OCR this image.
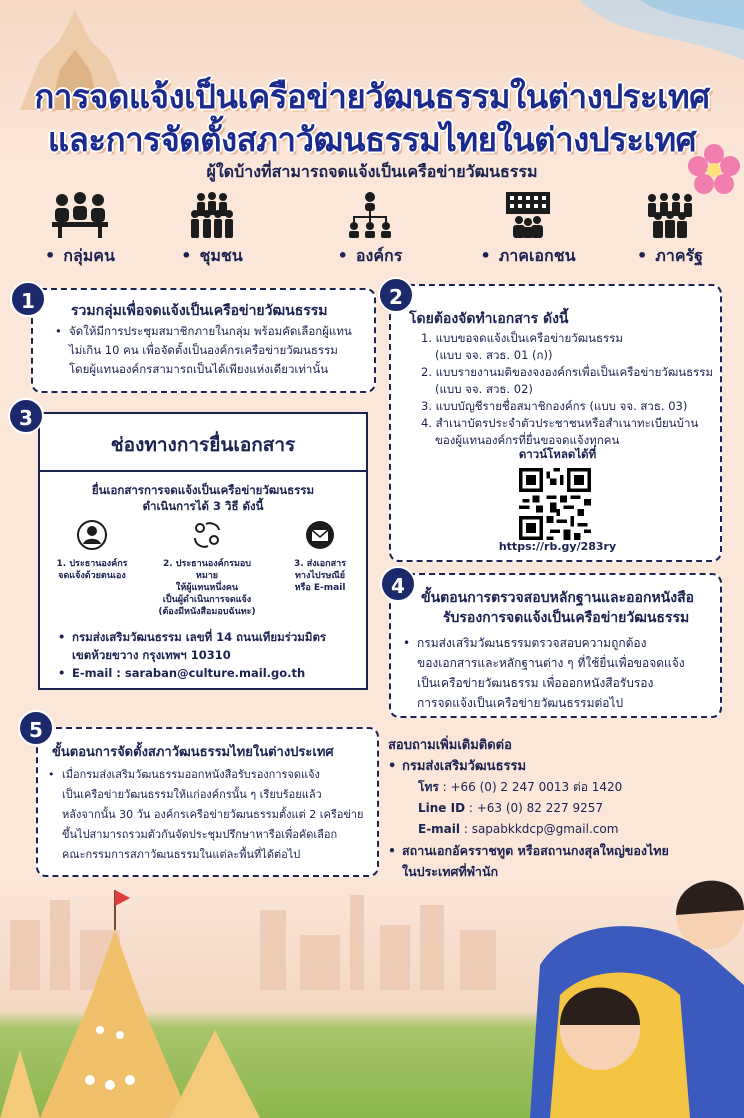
การจดแจ้งเป็นเครือข่ายวัฒนธรรมในต่างประเทศ
และการจัดตั้งสภาวัฒนธรรมไทยในต่างประเทศ
ผู้ใดบ้างที่สามารถจดแจ้งเป็นเครือข่ายวัฒนธรรม
• กลุ่มคน	• ชุมชน	• องค์กร	• ภาคเอกชน	• ภาครัฐ
รวมกลุ่มเพื่อจดแจ้งเป็นเครือข่ายวัฒนธรรม
• จัดให้มีการประชุมสมาชิกภายในกลุ่ม พร้อมคัดเลือกผู้แทน
ไม่เกิน 10 คน เพื่อจัดตั้งเป็นองค์กรเครือข่ายวัฒนธรรม
โดยผู้แทนองค์กรสามารถเป็นได้เพียงแห่งเดียวเท่านั้น
1
โดยต้องจัดทำเอกสาร ดังนี้
1. แบบขอจดแจ้งเป็นเครือข่ายวัฒนธรรม
(แบบ จจ. สวธ. 01 (ก))
2. แบบรายงานมติของจงองค์กรเพื่อเป็นเครือข่ายวัฒนธรรม
(แบบ จจ. สวธ. 02)
3. แบบบัญชีรายชื่อสมาชิกองค์กร (แบบ จจ. สวธ. 03)
4. สำเนาบัตรประจำตัวประชาชนหรือสำเนาทะเบียนบ้าน
ของผู้แทนองค์กรที่ยื่นขอจดแจ้งทุกคน
ดาวน์โหลดได้ที่
https://rb.gy/283ry
2
ช่องทางการยื่นเอกสาร
ยื่นเอกสารการจดแจ้งเป็นเครือข่ายวัฒนธรรม
ดำเนินการได้ 3 วิธี ดังนี้
1. ประธานองค์กร
จดแจ้งด้วยตนเอง
2. ประธานองค์กรมอบหมาย
ให้ผู้แทนหนึ่งคน
เป็นผู้ดำเนินการจดแจ้ง
(ต้องมีหนังสือมอบฉันทะ)
3. ส่งเอกสาร
ทางไปรษณีย์
หรือ E-mail
• กรมส่งเสริมวัฒนธรรม เลขที่ 14 ถนนเทียมร่วมมิตร
เขตห้วยขวาง กรุงเทพฯ 10310
• E-mail : saraban@culture.mail.go.th
3
ขั้นตอนการตรวจสอบหลักฐานและออกหนังสือ
รับรองการจดแจ้งเป็นเครือข่ายวัฒนธรรม
• กรมส่งเสริมวัฒนธรรมตรวจสอบความถูกต้อง
ของเอกสารและหลักฐานต่าง ๆ ที่ใช้ยื่นเพื่อขอจดแจ้ง
เป็นเครือข่ายวัฒนธรรม เพื่อออกหนังสือรับรอง
การจดแจ้งเป็นเครือข่ายวัฒนธรรมต่อไป
4
ขั้นตอนการจัดตั้งสภาวัฒนธรรมไทยในต่างประเทศ
• เมื่อกรมส่งเสริมวัฒนธรรมออกหนังสือรับรองการจดแจ้ง
เป็นเครือข่ายวัฒนธรรมให้แก่องค์กรนั้น ๆ เรียบร้อยแล้ว
หลังจากนั้น 30 วัน องค์กรเครือข่ายวัฒนธรรมตั้งแต่ 2 เครือข่าย
ขึ้นไปสามารถรวมตัวกันจัดประชุมปรึกษาหารือเพื่อคัดเลือก
คณะกรรมการสภาวัฒนธรรมในแต่ละพื้นที่ได้ต่อไป
5
สอบถามเพิ่มเติมติดต่อ
• กรมส่งเสริมวัฒนธรรม
โทร : +66 (0) 2 247 0013 ต่อ 1420
Line ID : +63 (0) 82 227 9257
E-mail : sapabkkdcp@gmail.com
• สถานเอกอัครราชทูต หรือสถานกงสุลใหญ่ของไทย
ในประเทศที่พำนัก
